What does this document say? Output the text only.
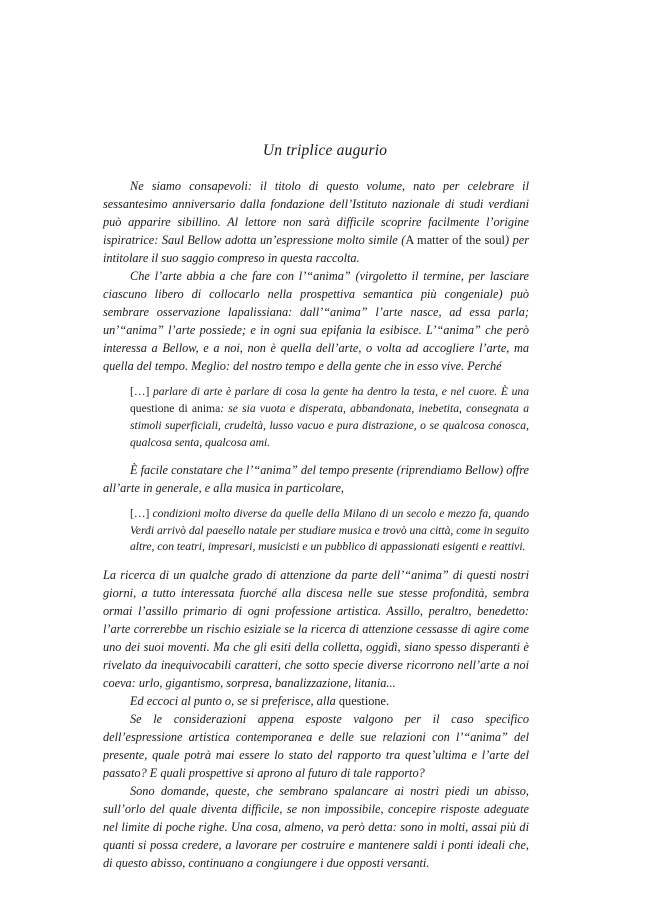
Un triplice augurio

Ne siamo consapevoli: il titolo di questo volume, nato per celebrare il sessantesimo anniversario dalla fondazione dell’Istituto nazionale di studi verdiani può apparire sibillino. Al lettore non sarà difficile scoprire facilmente l’origine ispiratrice: Saul Bellow adotta un’espressione molto simile (A matter of the soul) per intitolare il suo saggio compreso in questa raccolta.

Che l’arte abbia a che fare con l’“anima” (virgoletto il termine, per lasciare ciascuno libero di collocarlo nella prospettiva semantica più congeniale) può sembrare osservazione lapalissiana: dall’“anima” l’arte nasce, ad essa parla; un’“anima” l’arte possiede; e in ogni sua epifania la esibisce. L’“anima” che però interessa a Bellow, e a noi, non è quella dell’arte, o volta ad accogliere l’arte, ma quella del tempo. Meglio: del nostro tempo e della gente che in esso vive. Perché

[…] parlare di arte è parlare di cosa la gente ha dentro la testa, e nel cuore. È una questione di anima: se sia vuota e disperata, abbandonata, inebetita, consegnata a stimoli superficiali, crudeltà, lusso vacuo e pura distrazione, o se qualcosa conosca, qualcosa senta, qualcosa ami.

È facile constatare che l’“anima” del tempo presente (riprendiamo Bellow) offre all’arte in generale, e alla musica in particolare,

[…] condizioni molto diverse da quelle della Milano di un secolo e mezzo fa, quando Verdi arrivò dal paesello natale per studiare musica e trovò una città, come in seguito altre, con teatri, impresari, musicisti e un pubblico di appassionati esigenti e reattivi.

La ricerca di un qualche grado di attenzione da parte dell’“anima” di questi nostri giorni, a tutto interessata fuorché alla discesa nelle sue stesse profondità, sembra ormai l’assillo primario di ogni professione artistica. Assillo, peraltro, benedetto: l’arte correrebbe un rischio esiziale se la ricerca di attenzione cessasse di agire come uno dei suoi moventi. Ma che gli esiti della colletta, oggidì, siano spesso disperanti è rivelato da inequivocabili caratteri, che sotto specie diverse ricorrono nell’arte a noi coeva: urlo, gigantismo, sorpresa, banalizzazione, litania...

Ed eccoci al punto o, se si preferisce, alla questione.

Se le considerazioni appena esposte valgono per il caso specifico dell’espressione artistica contemporanea e delle sue relazioni con l’“anima” del presente, quale potrà mai essere lo stato del rapporto tra quest’ultima e l’arte del passato? E quali prospettive si aprono al futuro di tale rapporto?

Sono domande, queste, che sembrano spalancare ai nostri piedi un abisso, sull’orlo del quale diventa difficile, se non impossibile, concepire risposte adeguate nel limite di poche righe. Una cosa, almeno, va però detta: sono in molti, assai più di quanti si possa credere, a lavorare per costruire e mantenere saldi i ponti ideali che, di questo abisso, continuano a congiungere i due opposti versanti.
